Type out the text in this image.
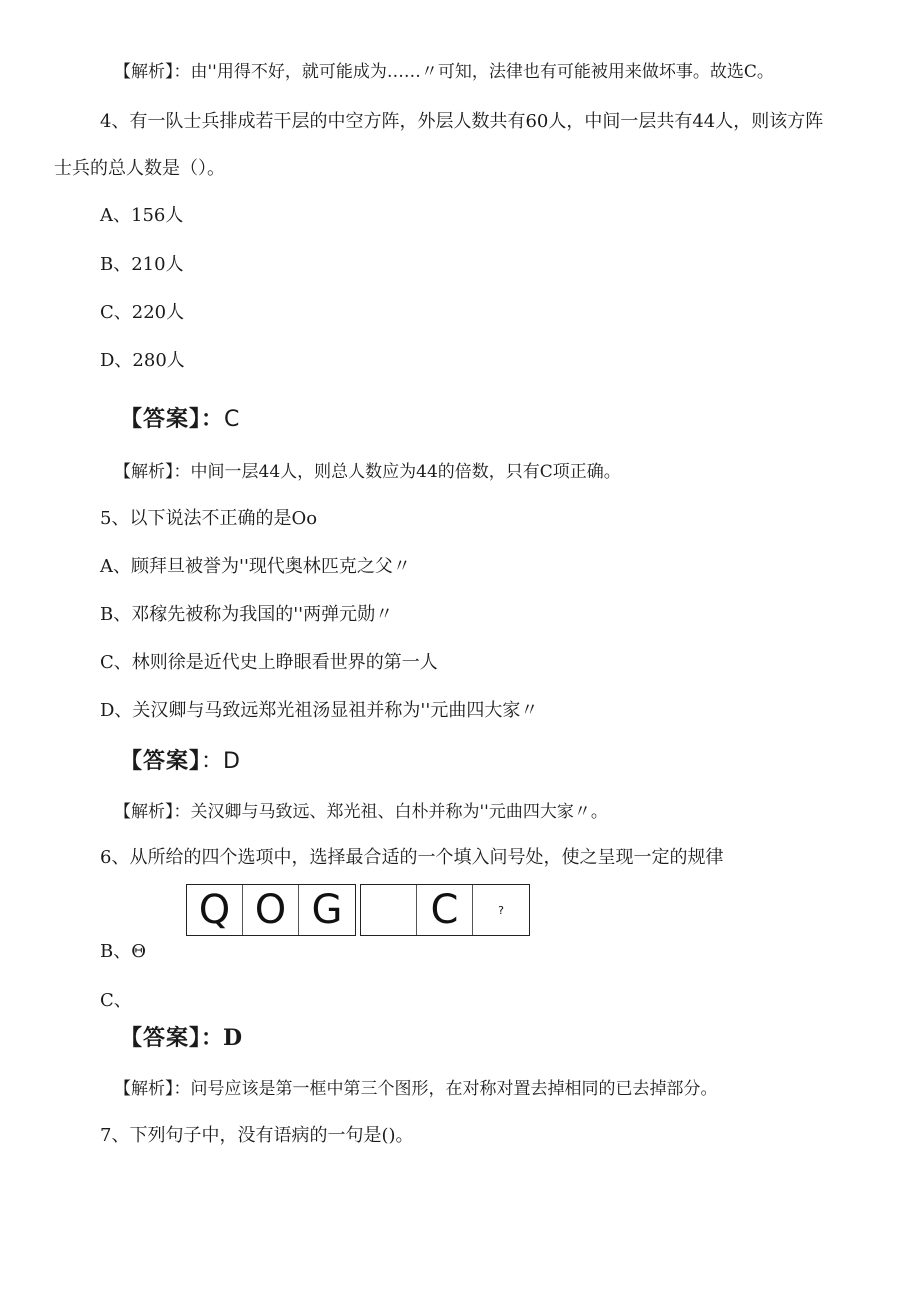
【解析】：由''用得不好，就可能成为……〃可知，法律也有可能被用来做坏事。故选C。
4、有一队士兵排成若干层的中空方阵，外层人数共有60人，中间一层共有44人，则该方阵
士兵的总人数是（）。
A、156人
B、210人
C、220人
D、280人
【答案】：C
【解析】：中间一层44人，则总人数应为44的倍数，只有C项正确。
5、以下说法不正确的是Oo
A、顾拜旦被誉为''现代奥林匹克之父〃
B、邓稼先被称为我国的''两弹元勋〃
C、林则徐是近代史上睁眼看世界的第一人
D、关汉卿与马致远郑光祖汤显祖并称为''元曲四大家〃
【答案】：D
【解析】：关汉卿与马致远、郑光祖、白朴并称为''元曲四大家〃。
6、从所给的四个选项中，选择最合适的一个填入问号处，使之呈现一定的规律
Q O G	C	?
B、Θ
C、
【答案】：D
【解析】：问号应该是第一框中第三个图形，在对称对置去掉相同的已去掉部分。
7、下列句子中，没有语病的一句是()。
